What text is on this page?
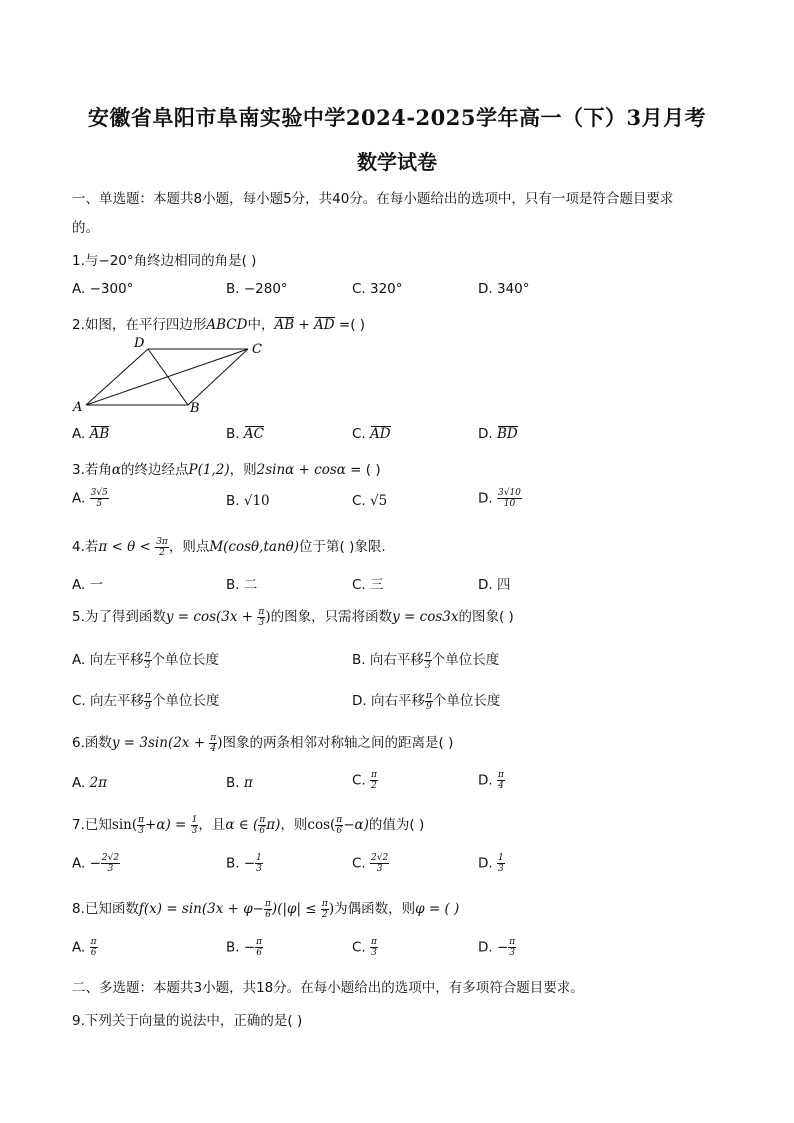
安徽省阜阳市阜南实验中学2024-2025学年高一（下）3月月考
数学试卷
一、单选题：本题共8小题，每小题5分，共40分。在每小题给出的选项中，只有一项是符合题目要求
的。
1.与−20°角终边相同的角是( )
A. −300°	B. −280°	C. 320°	D. 340°
2.如图，在平行四边形ABCD中，AB + AD =( )
A	B
C
D
A. AB	B. AC	C. AD	D. BD
3.若角α的终边经点P(1,2)，则2sinα + cosα = ( )
A. $\frac{3√5}{5}$	B. √10	C. √5	D. $\frac{3√10}{10}$
4.若$\pi < \theta < \frac{3\pi}{2}$ ，则点M(cosθ,tanθ)位于第( )象限.
A. 一	B. 二	C. 三	D. 四
5.为了得到函数$y = \cos(3x + \frac{\pi}{3}$ )的图象，只需将函数y = cos3x的图象( )
A. 向左平移 $\frac{\pi}{3}$ 个单位长度	B. 向右平移 $\frac{\pi}{3}$ 个单位长度
C. 向左平移 $\frac{\pi}{9}$ 个单位长度	D. 向右平移 $\frac{\pi}{9}$ 个单位长度
6.函数$y = 3\sin(2x + \frac{\pi}{4}$ )图象的两条相邻对称轴之间的距离是( )
A. 2π	B. π	C. $\frac{\pi}{2}$	D. $\frac{\pi}{4}$
7.已知$\sin( \frac{\pi}{3} +\alpha) = \frac{1}{3}$ ，且α ∈ ( $\frac{\pi}{6} \pi$)，则$\cos( \frac{\pi}{6} -\alpha)$的值为( )
A. − $\frac{2√2}{3}$	B. − $\frac{1}{3}$	C. $\frac{2√2}{3}$	D. $\frac{1}{3}$
8.已知函数$f(x) = \sin(3x + \varphi- \frac{\pi}{6} )(|\varphi| \le \frac{\pi}{2}$ )为偶函数，则φ = ( )
A. $\frac{\pi}{6}$	B. − $\frac{\pi}{6}$	C. $\frac{\pi}{3}$	D. − $\frac{\pi}{3}$
二、多选题：本题共3小题，共18分。在每小题给出的选项中，有多项符合题目要求。
9.下列关于向量的说法中，正确的是( )
